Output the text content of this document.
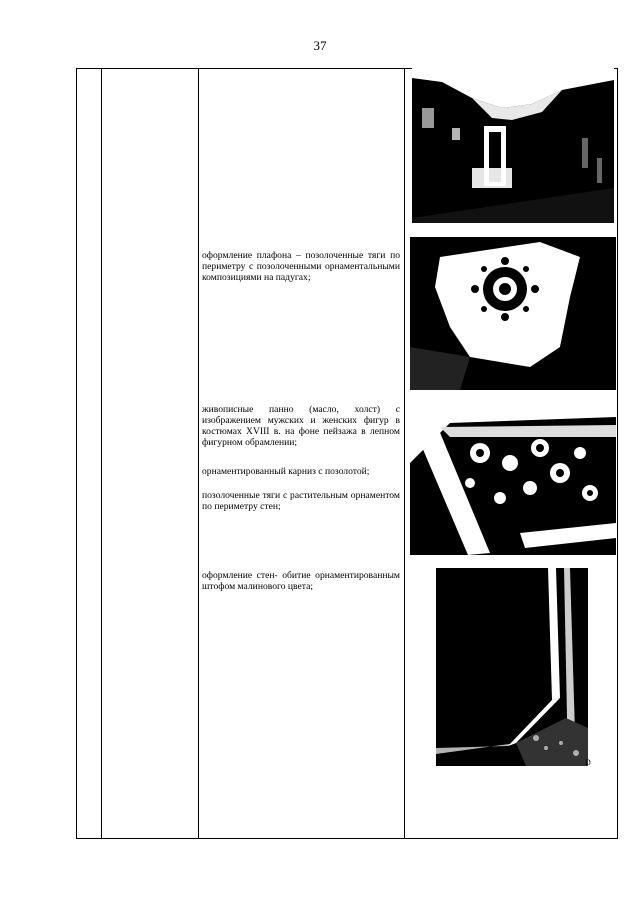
37

оформление плафона – позолоченные тяги по периметру с позолоченными орнаментальными композициями на падугах;

живописные панно (масло, холст) с изображением мужских и женских фигур в костюмах XVIII в. на фоне пейзажа в лепном фигурном обрамлении;

орнаментированный карниз с позолотой;

позолоченные тяги с растительным орнаментом по периметру стен;

оформление стен- обитие орнаментированным штофом малинового цвета;

D
